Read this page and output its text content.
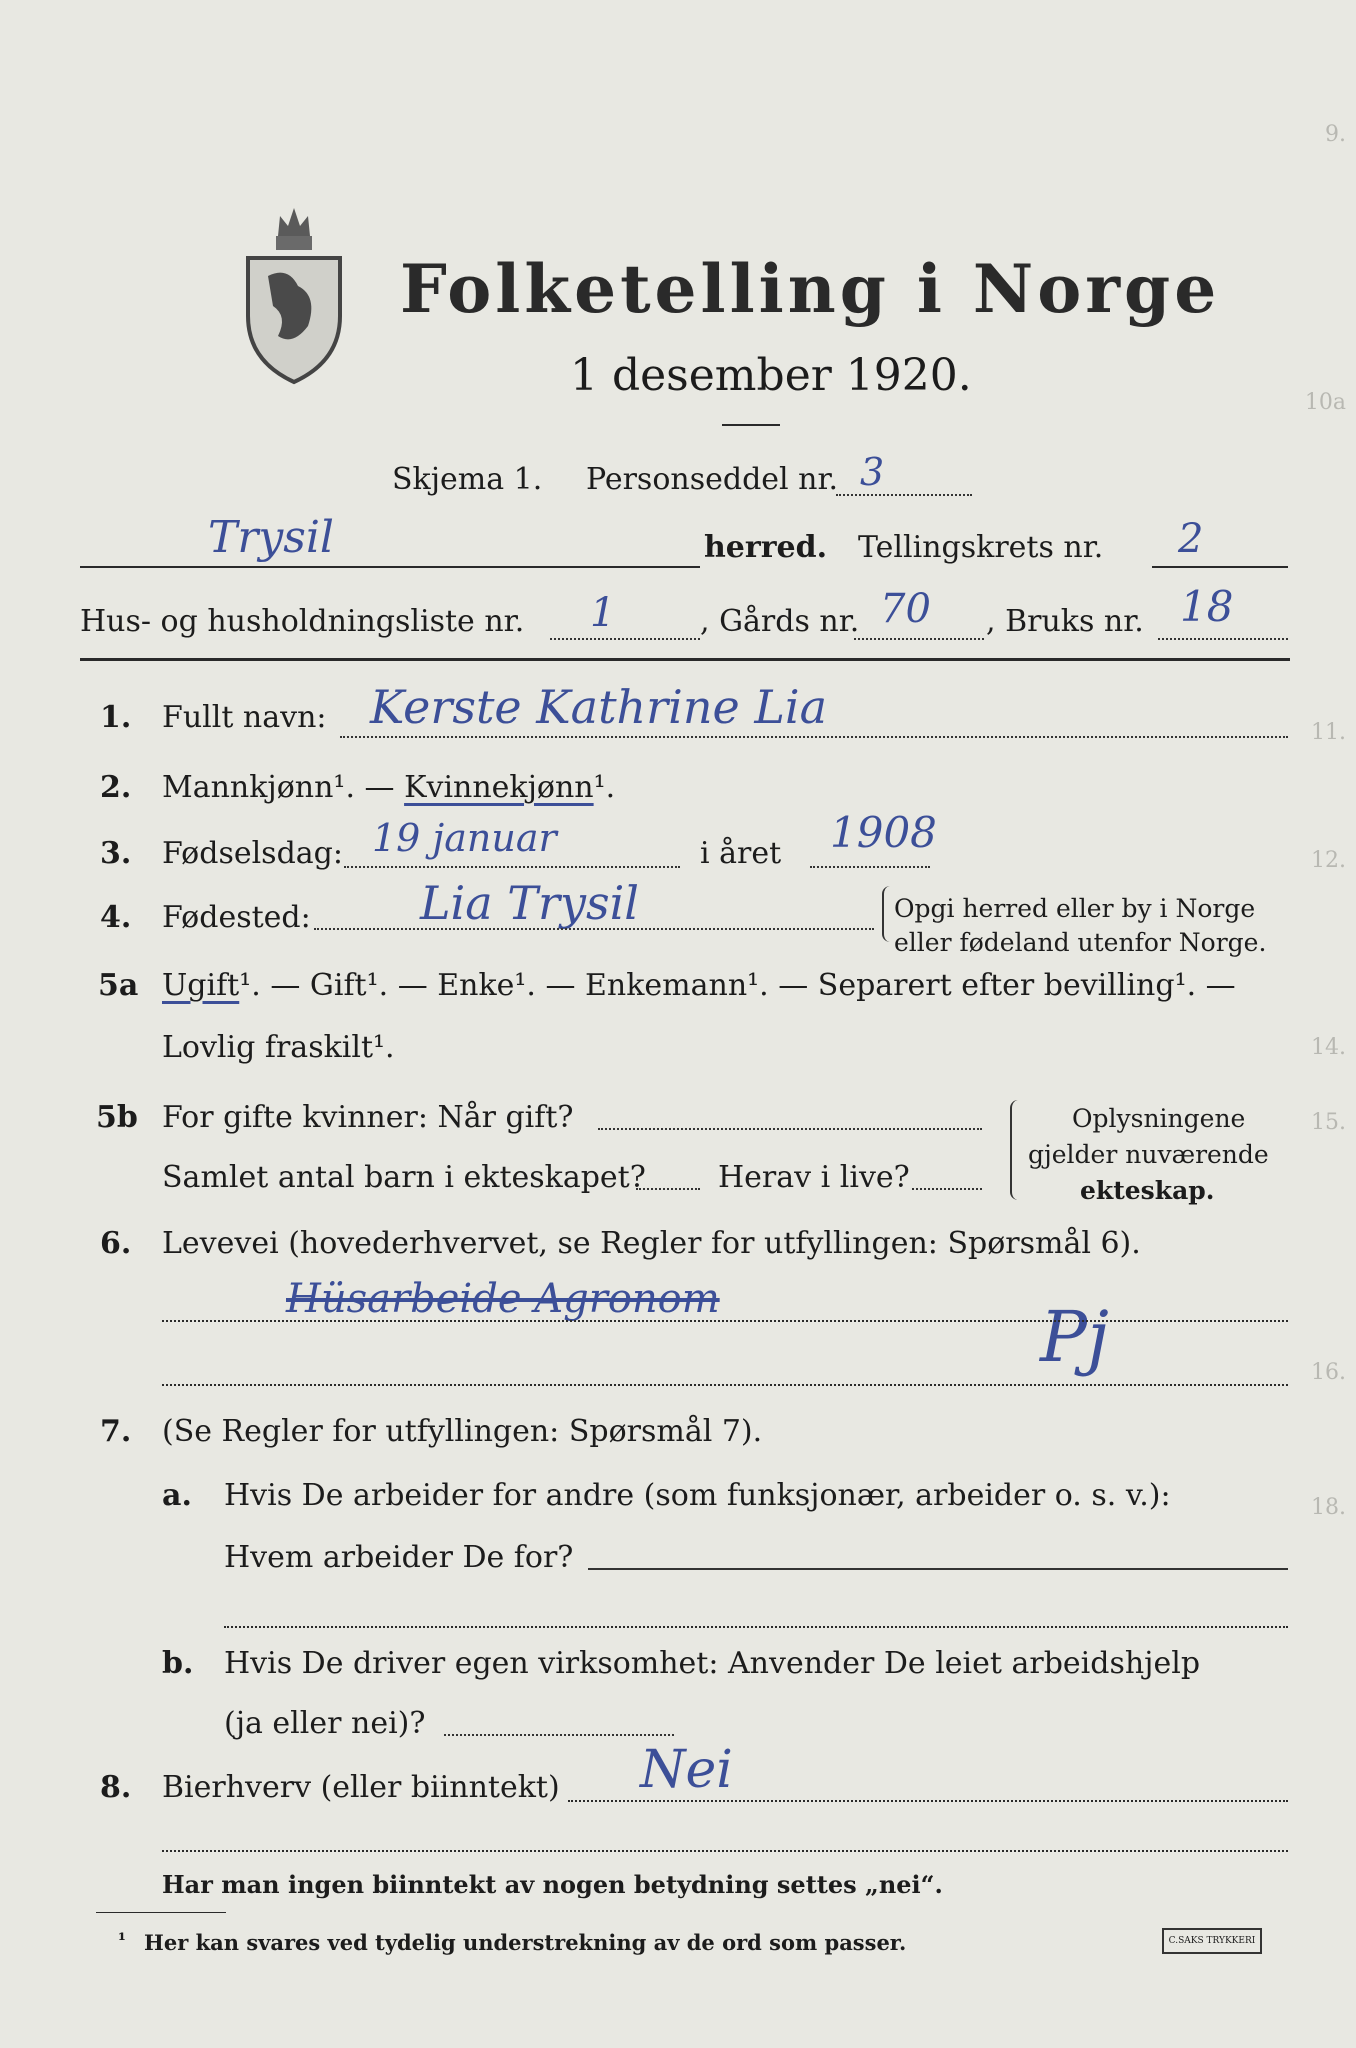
9.
10a
11.
12.
14.
15.
16.
18.
Folketelling i Norge
1 desember 1920.
Skjema 1. Personseddel nr. 3
Trysil	herred. Tellingskrets nr. 2
Hus- og husholdningsliste nr. 1	, Gårds nr. 70 , Bruks nr. 18
1. Fullt navn: Kerste Kathrine Lia
2. Mannkjønn¹. — Kvinnekjønn¹.
3. Fødselsdag: 19 januar	i året 1908
4. Fødested: Lia Trysil	Opgi herred eller by i Norge
eller fødeland utenfor Norge.
5a Ugift¹. — Gift¹. — Enke¹. — Enkemann¹. — Separert efter bevilling¹. —
Lovlig fraskilt¹.
5b For gifte kvinner: Når gift?
Samlet antal barn i ekteskapet? Herav i live?
Oplysningene
gjelder nuværende
ekteskap.
6. Levevei (hovederhvervet, se Regler for utfyllingen: Spørsmål 6).
Hüsarbeide Agronom	Pj
7. (Se Regler for utfyllingen: Spørsmål 7).
a. Hvis De arbeider for andre (som funksjonær, arbeider o. s. v.):
Hvem arbeider De for?
b. Hvis De driver egen virksomhet: Anvender De leiet arbeidshjelp
(ja eller nei)?
8. Bierhverv (eller biinntekt) Nei
Har man ingen biinntekt av nogen betydning settes „nei“.
¹ Her kan svares ved tydelig understrekning av de ord som passer.	C.SAKS TRYKKERI
